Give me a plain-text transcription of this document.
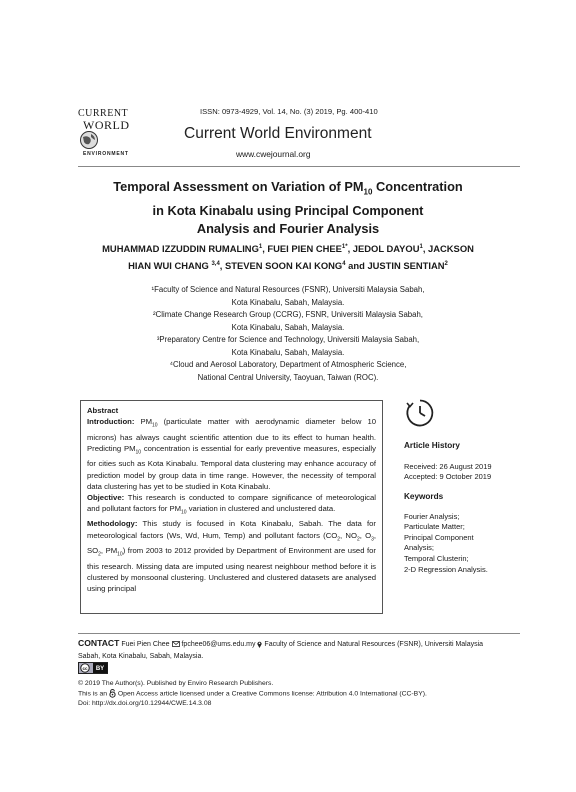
CURRENT
WORLD
ENVIRONMENT
ISSN: 0973-4929, Vol. 14, No. (3) 2019, Pg. 400-410
Current World Environment
www.cwejournal.org
Temporal Assessment on Variation of $PM_{10}$ Concentration
in Kota Kinabalu using Principal Component
Analysis and Fourier Analysis
MUHAMMAD IZZUDDIN RUMALING$^1$, FUEI PIEN $CHEE^{1*}$, JEDOL DAYOU$^1$, JACKSON
HIAN WUI CHANG $^{3,4}$, STEVEN SOON KAI KONG$^4$ and JUSTIN SENTIAN$^2$
¹Faculty of Science and Natural Resources (FSNR), Universiti Malaysia Sabah,
Kota Kinabalu, Sabah, Malaysia.
²Climate Change Research Group (CCRG), FSNR, Universiti Malaysia Sabah,
Kota Kinabalu, Sabah, Malaysia.
³Preparatory Centre for Science and Technology, Universiti Malaysia Sabah,
Kota Kinabalu, Sabah, Malaysia.
⁴Cloud and Aerosol Laboratory, Department of Atmospheric Science,
National Central University, Taoyuan, Taiwan (ROC).

Abstract

Introduction: $PM_{10}$ (particulate matter with aerodynamic diameter below 10 microns) has always caught scientific attention due to its effect to human health. Predicting $PM_{10}$ concentration is essential for early preventive measures, especially for cities such as Kota Kinabalu. Temporal data clustering may enhance accuracy of prediction model by group data in time range. However, the necessity of temporal data clustering has yet to be studied in Kota Kinabalu.

Objective: This research is conducted to compare significance of meteorological and pollutant factors for $PM_{10}$ variation in clustered and unclustered data.

Methodology: This study is focused in Kota Kinabalu, Sabah. The data for meteorological factors (Ws, Wd, Hum, Temp) and pollutant factors ($CO_2$, $NO_2$, $O_3$, $SO_2$, $PM_{10}$) from 2003 to 2012 provided by Department of Environment are used for this research. Missing data are imputed using nearest neighbour method before it is clustered by monsoonal clustering. Unclustered and clustered datasets are analysed using principal

Article History
Received: 26 August 2019
Accepted: 9 October 2019
Keywords
Fourier Analysis;
Particulate Matter;
Principal Component
Analysis;
Temporal Clusterin;
2-D Regression Analysis.
CONTACT Fuei Pien Chee  fpchee06@ums.edu.my  Faculty of Science and Natural Resources (FSNR), Universiti Malaysia
Sabah, Kota Kinabalu, Sabah, Malaysia.
cc BY
© 2019 The Author(s). Published by Enviro Research Publishers.
This is an  Open Access article licensed under a Creative Commons license: Attribution 4.0 International (CC-BY).
Doi: http://dx.doi.org/10.12944/CWE.14.3.08
